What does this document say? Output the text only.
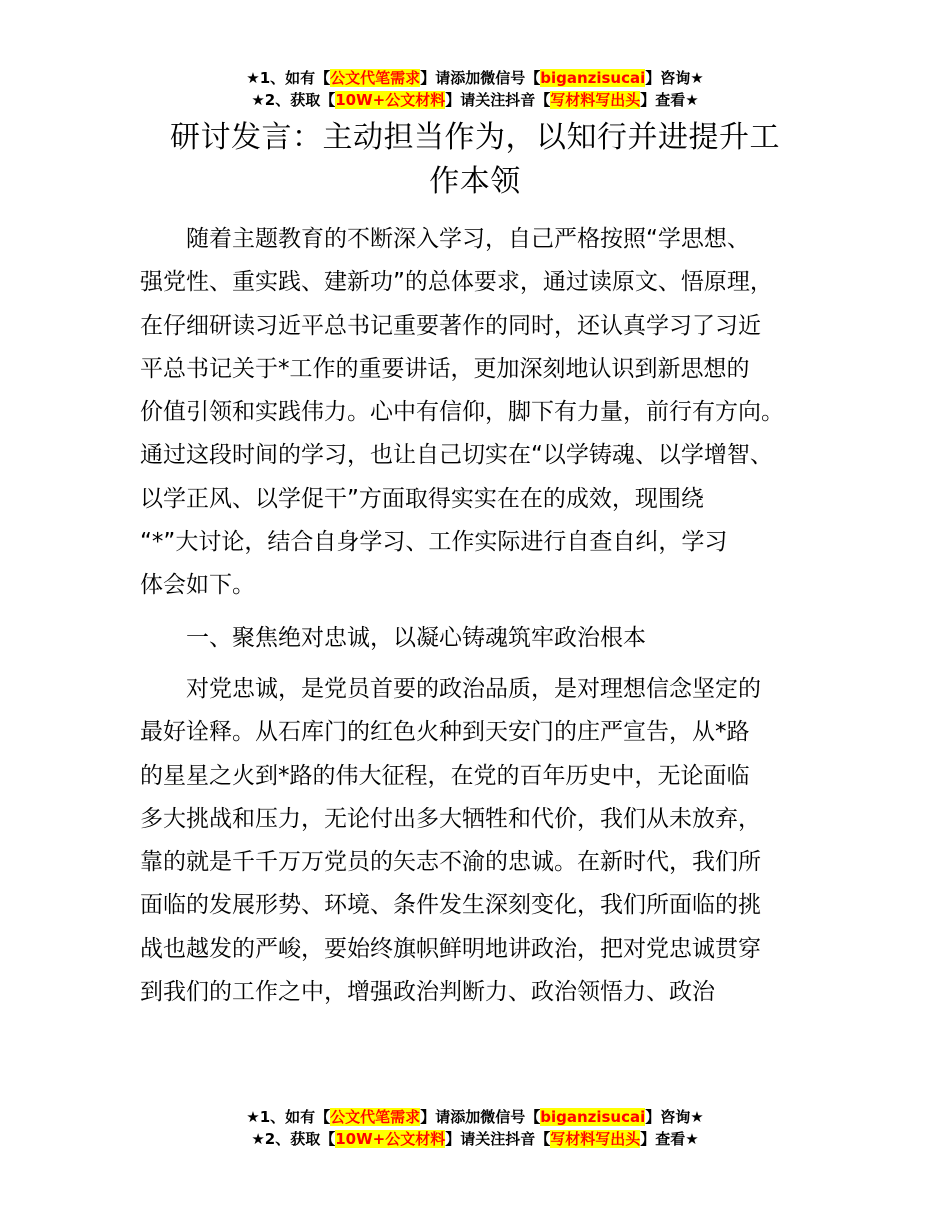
★1、如有【公文代笔需求】请添加微信号【biganzisucai】咨询★
★2、获取【10W+公文材料】请关注抖音【写材料写出头】查看★
研讨发言：主动担当作为，以知行并进提升工
作本领
　　随着主题教育的不断深入学习，自己严格按照“学思想、
强党性、重实践、建新功”的总体要求，通过读原文、悟原理，
在仔细研读习近平总书记重要著作的同时，还认真学习了习近
平总书记关于*工作的重要讲话，更加深刻地认识到新思想的
价值引领和实践伟力。心中有信仰，脚下有力量，前行有方向。
通过这段时间的学习，也让自己切实在“以学铸魂、以学增智、
以学正风、以学促干”方面取得实实在在的成效，现围绕
“*”大讨论，结合自身学习、工作实际进行自查自纠，学习
体会如下。
　　一、聚焦绝对忠诚，以凝心铸魂筑牢政治根本
　　对党忠诚，是党员首要的政治品质，是对理想信念坚定的
最好诠释。从石库门的红色火种到天安门的庄严宣告，从*路
的星星之火到*路的伟大征程，在党的百年历史中，无论面临
多大挑战和压力，无论付出多大牺牲和代价，我们从未放弃，
靠的就是千千万万党员的矢志不渝的忠诚。在新时代，我们所
面临的发展形势、环境、条件发生深刻变化，我们所面临的挑
战也越发的严峻，要始终旗帜鲜明地讲政治，把对党忠诚贯穿
到我们的工作之中，增强政治判断力、政治领悟力、政治
★1、如有【公文代笔需求】请添加微信号【biganzisucai】咨询★
★2、获取【10W+公文材料】请关注抖音【写材料写出头】查看★
